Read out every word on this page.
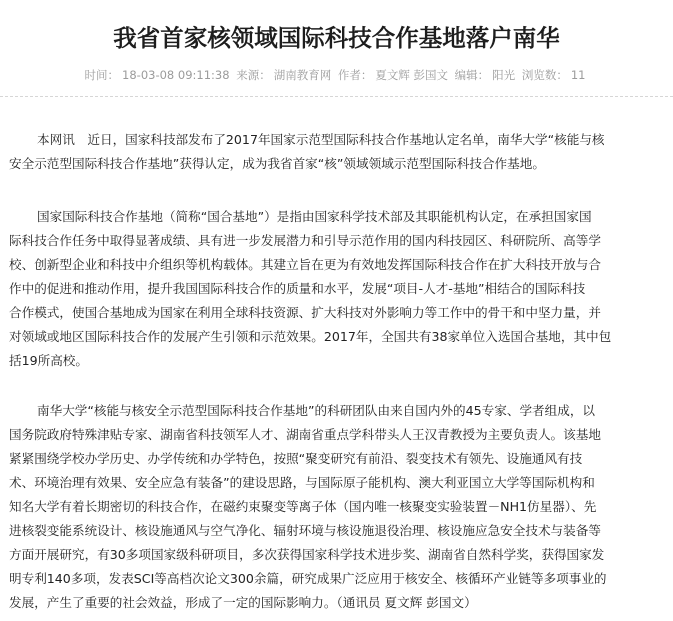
我省首家核领域国际科技合作基地落户南华
时间： 18-03-08 09:11:38 来源： 湖南教育网 作者： 夏文辉 彭国文 编辑： 阳光 浏览数： 11
本网讯　近日，国家科技部发布了2017年国家示范型国际科技合作基地认定名单，南华大学“核能与核
安全示范型国际科技合作基地”获得认定，成为我省首家“核”领域领域示范型国际科技合作基地。
国家国际科技合作基地（简称“国合基地”）是指由国家科学技术部及其职能机构认定，在承担国家国
际科技合作任务中取得显著成绩、具有进一步发展潜力和引导示范作用的国内科技园区、科研院所、高等学
校、创新型企业和科技中介组织等机构载体。其建立旨在更为有效地发挥国际科技合作在扩大科技开放与合
作中的促进和推动作用，提升我国国际科技合作的质量和水平，发展“项目-人才-基地”相结合的国际科技
合作模式，使国合基地成为国家在利用全球科技资源、扩大科技对外影响力等工作中的骨干和中坚力量，并
对领域或地区国际科技合作的发展产生引领和示范效果。2017年，全国共有38家单位入选国合基地，其中包
括19所高校。
南华大学“核能与核安全示范型国际科技合作基地”的科研团队由来自国内外的45专家、学者组成，以
国务院政府特殊津贴专家、湖南省科技领军人才、湖南省重点学科带头人王汉青教授为主要负责人。该基地
紧紧围绕学校办学历史、办学传统和办学特色，按照“聚变研究有前沿、裂变技术有领先、设施通风有技
术、环境治理有效果、安全应急有装备”的建设思路，与国际原子能机构、澳大利亚国立大学等国际机构和
知名大学有着长期密切的科技合作，在磁约束聚变等离子体（国内唯一核聚变实验装置－NH1仿星器）、先
进核裂变能系统设计、核设施通风与空气净化、辐射环境与核设施退役治理、核设施应急安全技术与装备等
方面开展研究，有30多项国家级科研项目，多次获得国家科学技术进步奖、湖南省自然科学奖，获得国家发
明专利140多项，发表SCI等高档次论文300余篇，研究成果广泛应用于核安全、核循环产业链等多项事业的
发展，产生了重要的社会效益，形成了一定的国际影响力。（通讯员 夏文辉 彭国文）
